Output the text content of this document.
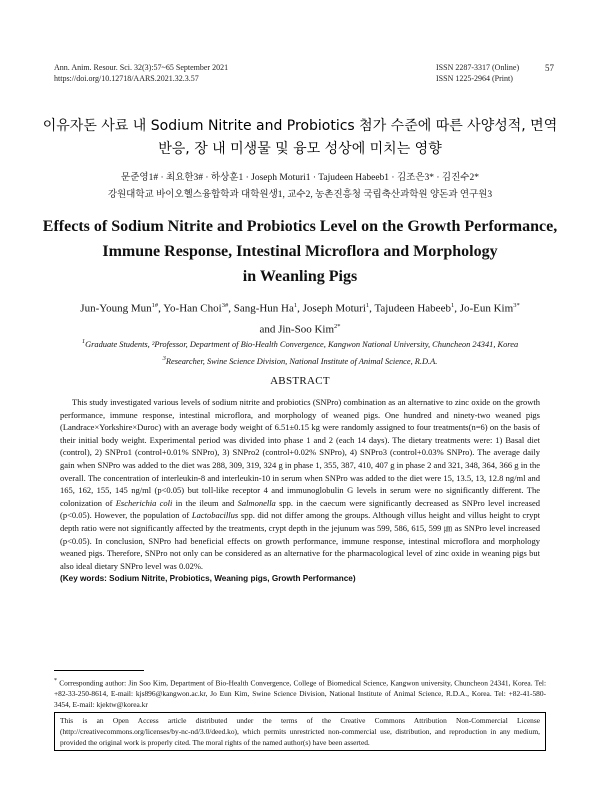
Ann. Anim. Resour. Sci. 32(3):57~65 September 2021
https://doi.org/10.12718/AARS.2021.32.3.57
ISSN 2287-3317 (Online)
ISSN 1225-2964 (Print)
57
이유자돈 사료 내 Sodium Nitrite and Probiotics 첨가 수준에 따른 사양성적, 면역
반응, 장 내 미생물 및 융모 성상에 미치는 영향
문준영1# · 최요한3# · 하상훈1 · Joseph Moturi1 · Tajudeen Habeeb1 · 김조은3* · 김진수2*
강원대학교 바이오헬스융합학과 대학원생1, 교수2, 농촌진흥청 국립축산과학원 양돈과 연구원3
Effects of Sodium Nitrite and Probiotics Level on the Growth Performance,
Immune Response, Intestinal Microflora and Morphology
in Weanling Pigs
Jun-Young Mun$^{1\#}$, Yo-Han Choi$^{3\#}$, Sang-Hun Ha$^1$, Joseph Moturi$^1$, Tajudeen Habeeb$^1$, Jo-Eun Kim$^{3*}$
and Jin-Soo Kim$^{2*}$
$^1$Graduate Students, ²Professor, Department of Bio-Health Convergence, Kangwon National University, Chuncheon 24341, Korea
$^3$Researcher, Swine Science Division, National Institute of Animal Science, R.D.A.
ABSTRACT

This study investigated various levels of sodium nitrite and probiotics (SNPro) combination as an alternative to zinc oxide on the growth performance, immune response, intestinal microflora, and morphology of weaned pigs. One hundred and ninety-two weaned pigs (Landrace×Yorkshire×Duroc) with an average body weight of 6.51±0.15 kg were randomly assigned to four treatments(n=6) on the basis of their initial body weight. Experimental period was divided into phase 1 and 2 (each 14 days). The dietary treatments were: 1) Basal diet (control), 2) SNPro1 (control+0.01% SNPro), 3) SNPro2 (control+0.02% SNPro), 4) SNPro3 (control+0.03% SNPro). The average daily gain when SNPro was added to the diet was 288, 309, 319, 324 g in phase 1, 355, 387, 410, 407 g in phase 2 and 321, 348, 364, 366 g in the overall. The concentration of interleukin-8 and interleukin-10 in serum when SNPro was added to the diet were 15, 13.5, 13, 12.8 ng/ml and 165, 162, 155, 145 ng/ml (p<0.05) but toll-like receptor 4 and immunoglobulin G levels in serum were no significantly different. The colonization of Escherichia coli in the ileum and Salmonella spp. in the caecum were significantly decreased as SNPro level increased (p<0.05). However, the population of Lactobacillus spp. did not differ among the groups. Although villus height and villus height to crypt depth ratio were not significantly affected by the treatments, crypt depth in the jejunum was 599, 586, 615, 599 ㎛ as SNPro level increased (p<0.05). In conclusion, SNPro had beneficial effects on growth performance, immune response, intestinal microflora and morphology weaned pigs. Therefore, SNPro not only can be considered as an alternative for the pharmacological level of zinc oxide in weaning pigs but also ideal dietary SNPro level was 0.02%.

(Key words: Sodium Nitrite, Probiotics, Weaning pigs, Growth Performance)
* Corresponding author: Jin Soo Kim, Department of Bio-Health Convergence, College of Biomedical Science, Kangwon university, Chuncheon 24341, Korea. Tel: +82-33-250-8614, E-mail: kjs896@kangwon.ac.kr, Jo Eun Kim, Swine Science Division, National Institute of Animal Science, R.D.A., Korea. Tel: +82-41-580-3454, E-mail: kjektw@korea.kr
This is an Open Access article distributed under the terms of the Creative Commons Attribution Non-Commercial License (http://creativecommons.org/licenses/by-nc-nd/3.0/deed.ko), which permits unrestricted non-commercial use, distribution, and reproduction in any medium, provided the original work is properly cited. The moral rights of the named author(s) have been asserted.
